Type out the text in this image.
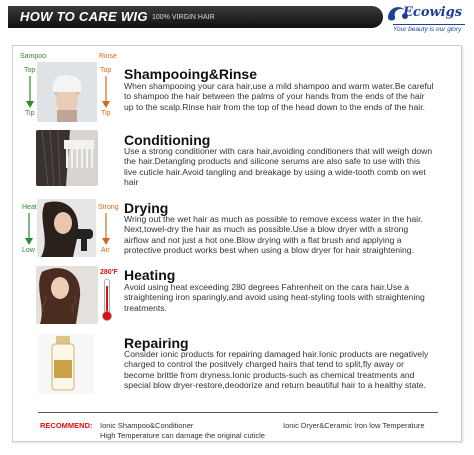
HOW TO CARE WIG 100% VIRGIN HAIR	Ecowigs
Your beauty is our glory
Sampoo
Top
Tip
Rinse
Top
Tip
Shampooing&Rinse
When shampooing your cara hair,use a mild shampoo and warm water.Be careful to shampoo the hair between the palms of your hands from the ends of the hair up to the scalp.Rinse hair from the top of the head down to the ends of the hair.
Conditioning
Use a strong conditioner with cara hair,avoiding conditioners that will weigh down the hair.Detangling products and silicone serums are also safe to use with this live cuticle hair.Avoid tangling and breakage by using a wide-tooth comb on wet hair
Heat
Low
Strong
Air
Drying
Wring out the wet hair as much as possible to remove excess water in the hair. Next,towel-dry the hair as much as possible.Use a blow dryer with a strong airflow and not just a hot one.Blow drying with a flat brush and applying a protective product works best when using a blow dryer for hair straightening.
280'F Heating
Avoid using heat exceeding 280 degrees Fahrenheit on the cara hair.Use a straightening iron sparingly,and avoid using heat-styling tools with straightening treatments.
Repairing
Consider ionic products for repairing damaged hair.Ionic products are negatively charged to control the positvely charged hairs that tend to split,fly away or become brittle from dryness.Ionic products-such as chemical treatments and special blow dryer-restore,deodorize and return beautiful hair to a healthy state.
RECOMMEND: Ionic Shampoo&Conditioner	Ionic Dryer&Ceramic Iron low Temperature
High Temperature can damage the original cuticle
